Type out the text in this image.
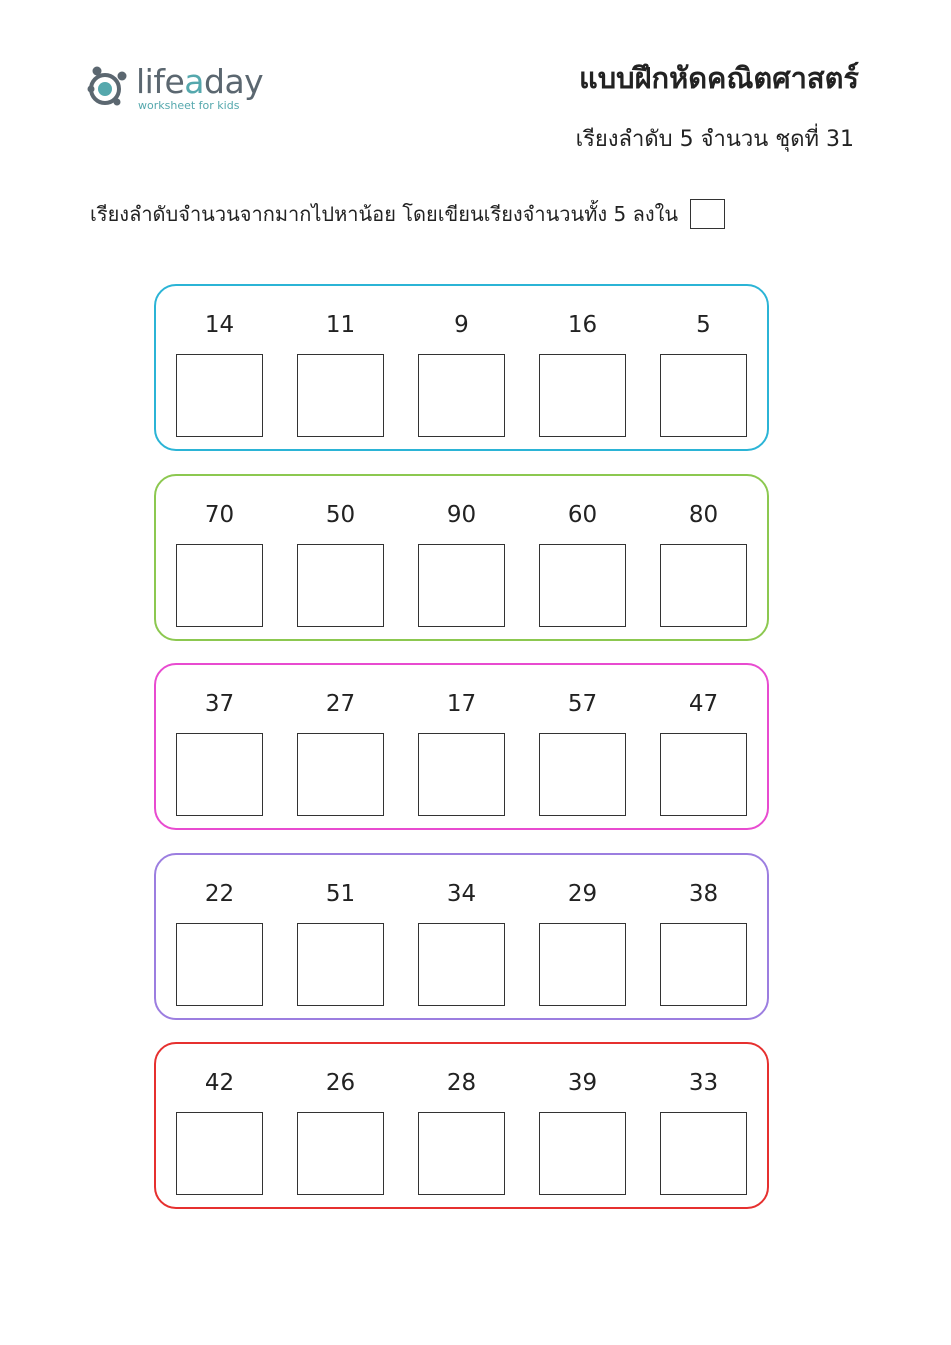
lifeaday
worksheet for kids
แบบฝึกหัดคณิตศาสตร์
เรียงลำดับ 5 จำนวน ชุดที่ 31
เรียงลำดับจำนวนจากมากไปหาน้อย โดยเขียนเรียงจำนวนทั้ง 5 ลงใน
14	11	9	16	5
70	50	90	60	80
37	27	17	57	47
22	51	34	29	38
42	26	28	39	33
